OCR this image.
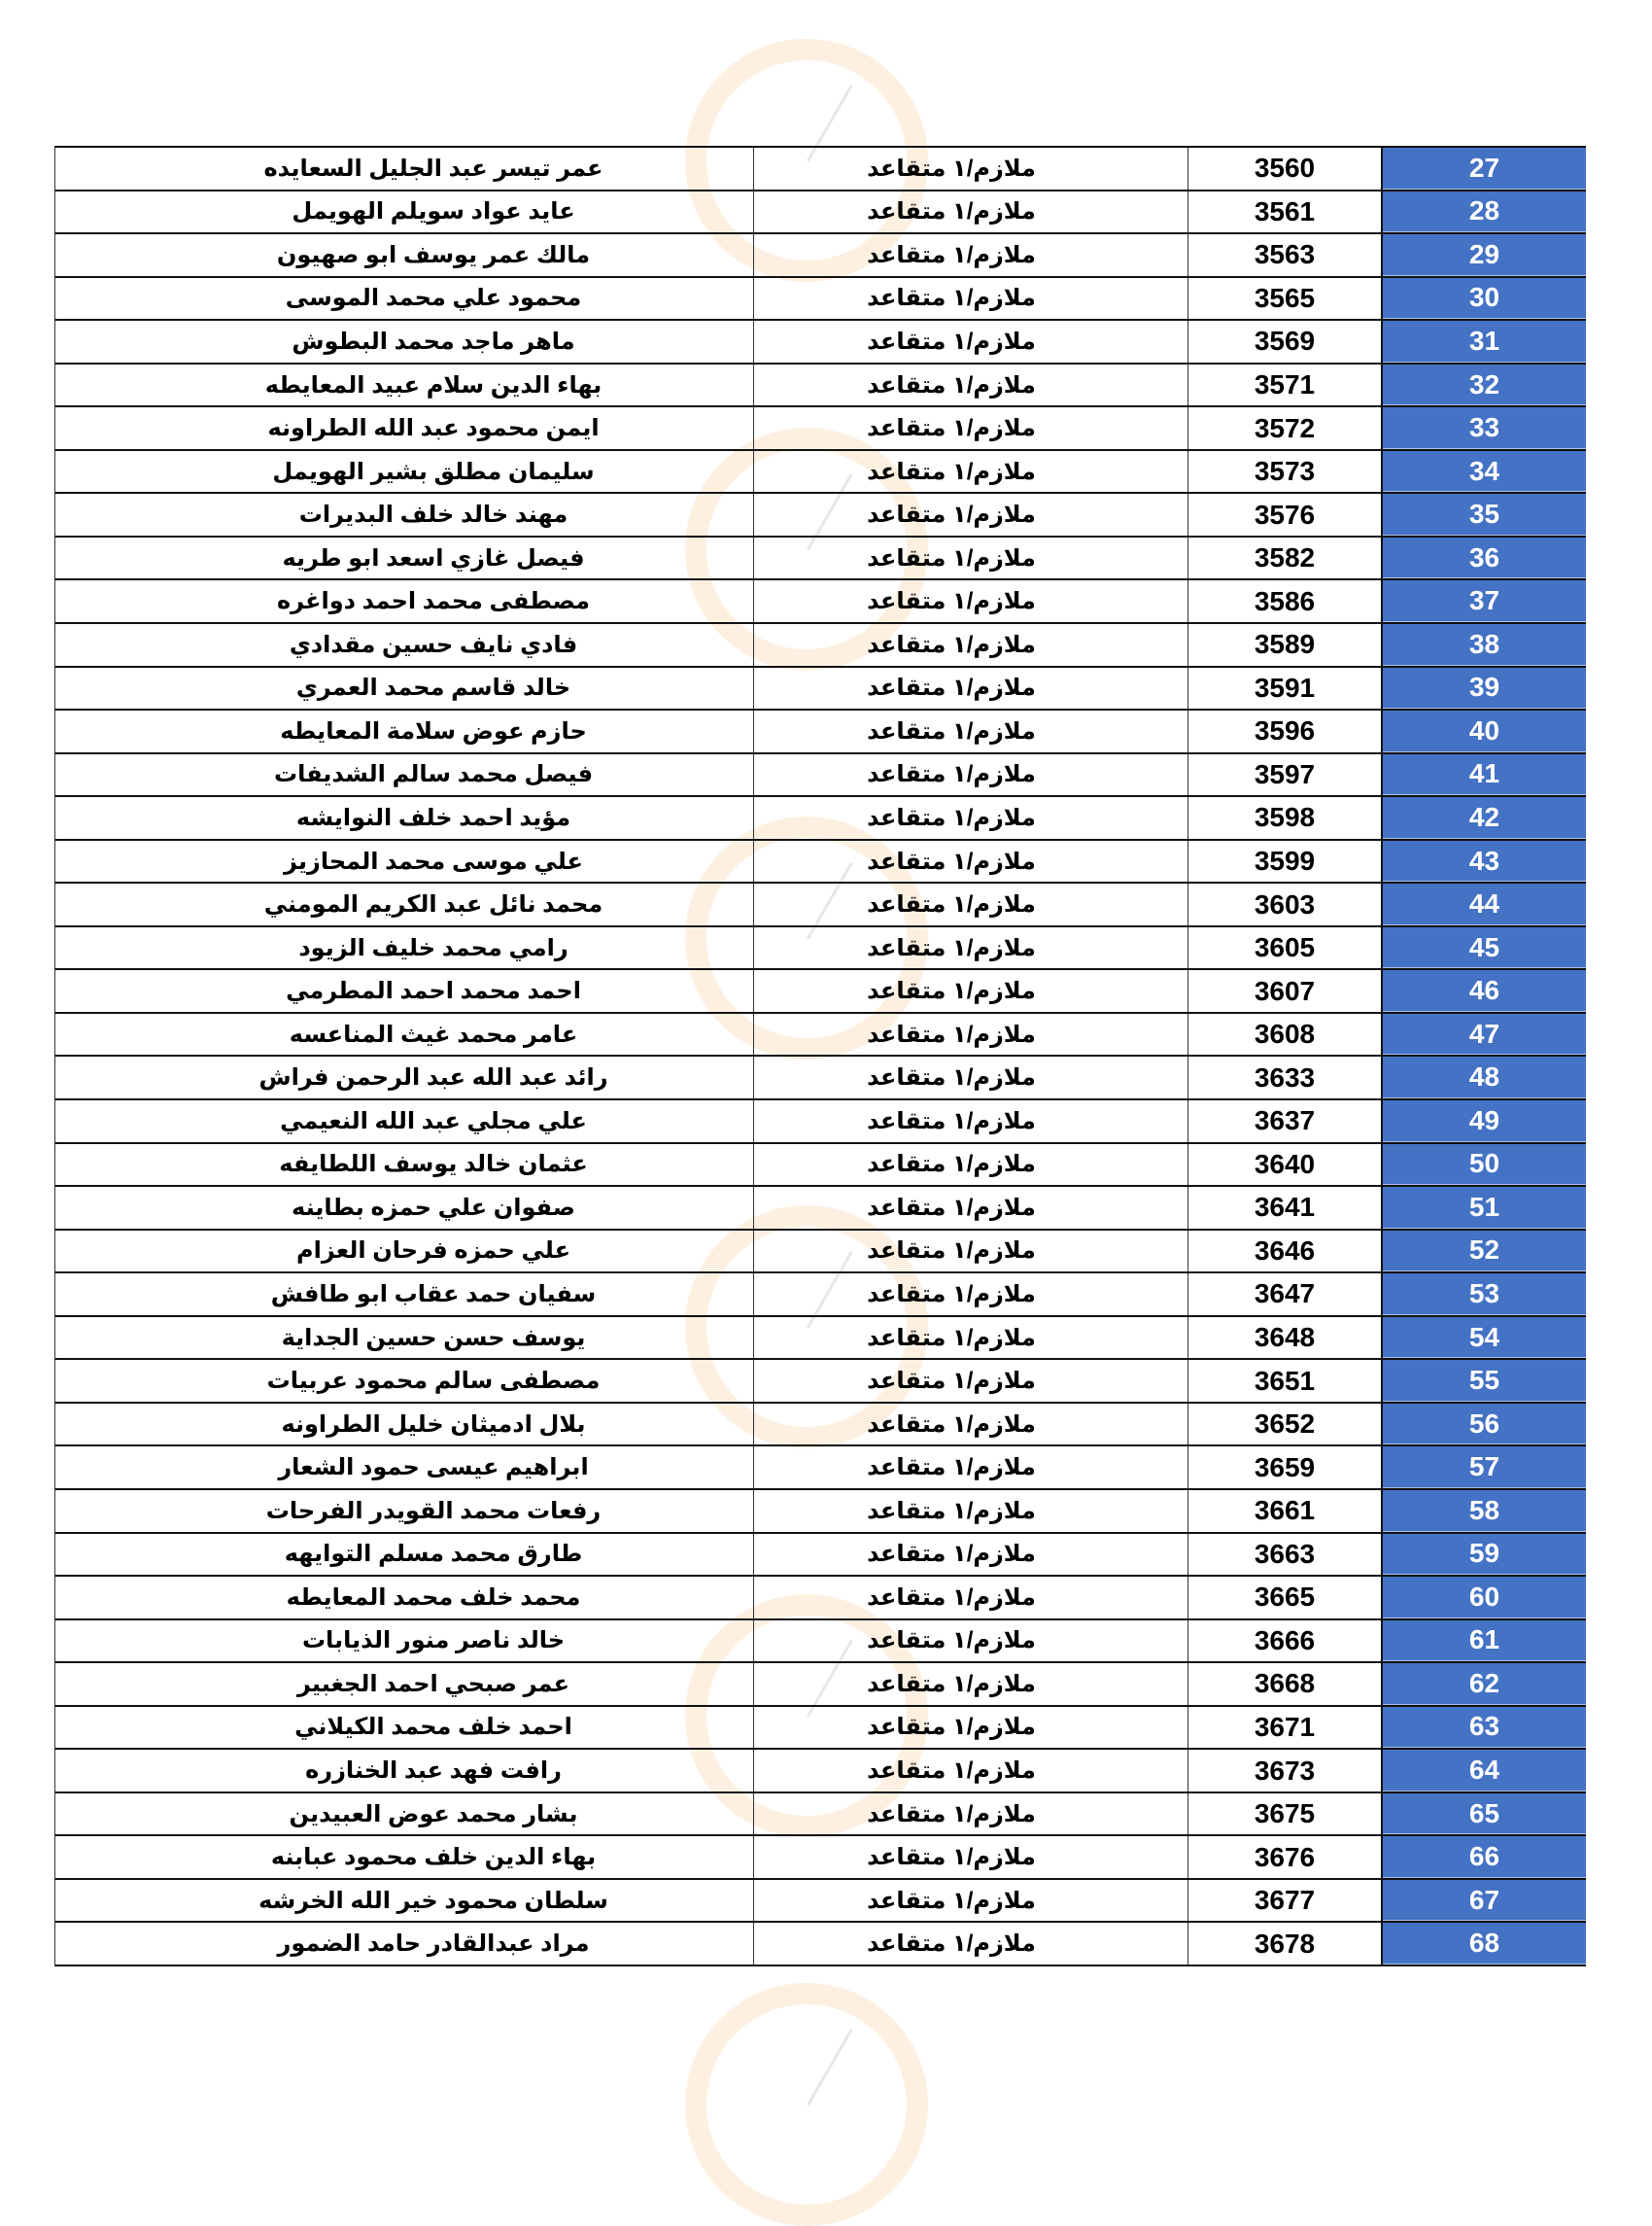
عمر تيسر عبد الجليل السعايده	ملازم/١ متقاعد	3560	27
عايد عواد سويلم الهويمل	ملازم/١ متقاعد	3561	28
مالك عمر يوسف ابو صهيون	ملازم/١ متقاعد	3563	29
محمود علي محمد الموسى	ملازم/١ متقاعد	3565	30
ماهر ماجد محمد البطوش	ملازم/١ متقاعد	3569	31
بهاء الدين سلام عبيد المعايطه	ملازم/١ متقاعد	3571	32
ايمن محمود عبد الله الطراونه	ملازم/١ متقاعد	3572	33
سليمان مطلق بشير الهويمل	ملازم/١ متقاعد	3573	34
مهند خالد خلف البديرات	ملازم/١ متقاعد	3576	35
فيصل غازي اسعد ابو طريه	ملازم/١ متقاعد	3582	36
مصطفى محمد احمد دواغره	ملازم/١ متقاعد	3586	37
فادي نايف حسين مقدادي	ملازم/١ متقاعد	3589	38
خالد قاسم محمد العمري	ملازم/١ متقاعد	3591	39
حازم عوض سلامة المعايطه	ملازم/١ متقاعد	3596	40
فيصل محمد سالم الشديفات	ملازم/١ متقاعد	3597	41
مؤيد احمد خلف النوايشه	ملازم/١ متقاعد	3598	42
علي موسى محمد المحازيز	ملازم/١ متقاعد	3599	43
محمد نائل عبد الكريم المومني	ملازم/١ متقاعد	3603	44
رامي محمد خليف الزيود	ملازم/١ متقاعد	3605	45
احمد محمد احمد المطرمي	ملازم/١ متقاعد	3607	46
عامر محمد غيث المناعسه	ملازم/١ متقاعد	3608	47
رائد عبد الله عبد الرحمن فراش	ملازم/١ متقاعد	3633	48
علي مجلي عبد الله النعيمي	ملازم/١ متقاعد	3637	49
عثمان خالد يوسف اللطايفه	ملازم/١ متقاعد	3640	50
صفوان علي حمزه بطاينه	ملازم/١ متقاعد	3641	51
علي حمزه فرحان العزام	ملازم/١ متقاعد	3646	52
سفيان حمد عقاب ابو طافش	ملازم/١ متقاعد	3647	53
يوسف حسن حسين الجداية	ملازم/١ متقاعد	3648	54
مصطفى سالم محمود عربيات	ملازم/١ متقاعد	3651	55
بلال ادميثان خليل الطراونه	ملازم/١ متقاعد	3652	56
ابراهيم عيسى حمود الشعار	ملازم/١ متقاعد	3659	57
رفعات محمد القويدر الفرحات	ملازم/١ متقاعد	3661	58
طارق محمد مسلم التوايهه	ملازم/١ متقاعد	3663	59
محمد خلف محمد المعايطه	ملازم/١ متقاعد	3665	60
خالد ناصر منور الذيابات	ملازم/١ متقاعد	3666	61
عمر صبحي احمد الجغبير	ملازم/١ متقاعد	3668	62
احمد خلف محمد الكيلاني	ملازم/١ متقاعد	3671	63
رافت فهد عبد الخنازره	ملازم/١ متقاعد	3673	64
بشار محمد عوض العبيدين	ملازم/١ متقاعد	3675	65
بهاء الدين خلف محمود عبابنه	ملازم/١ متقاعد	3676	66
سلطان محمود خير الله الخرشه	ملازم/١ متقاعد	3677	67
مراد عبدالقادر حامد الضمور	ملازم/١ متقاعد	3678	68
